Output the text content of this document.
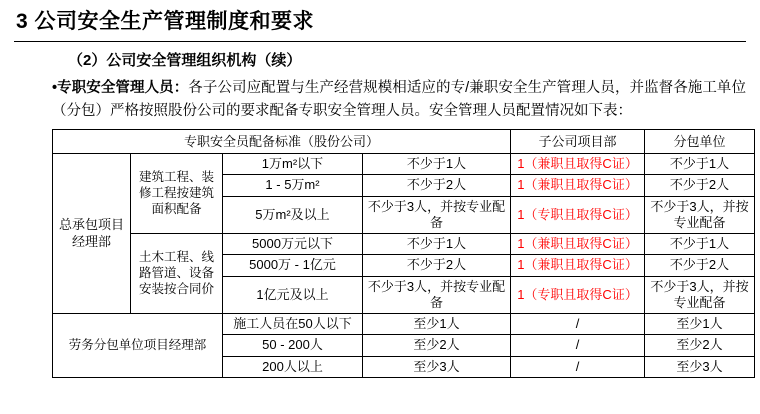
3 公司安全生产管理制度和要求
（2）公司安全管理组织机构（续）
•专职安全管理人员：各子公司应配置与生产经营规模相适应的专/兼职安全生产管理人员，并监督各施工单位（分包）严格按照股份公司的要求配备专职安全管理人员。安全管理人员配置情况如下表：
专职安全员配备标准（股份公司）				子公司项目部	分包单位
总承包项目经理部	建筑工程、装修工程按建筑面积配备	1万m²以下	不少于1人	1（兼职且取得C证）	不少于1人
		1 - 5万m²	不少于2人	1（兼职且取得C证）	不少于2人
		5万m²及以上	不少于3人，并按专业配备	1（专职且取得C证）	不少于3人，并按专业配备
	土木工程、线路管道、设备安装按合同价	5000万元以下	不少于1人	1（兼职且取得C证）	不少于1人
		5000万 - 1亿元	不少于2人	1（兼职且取得C证）	不少于2人
		1亿元及以上	不少于3人，并按专业配备	1（专职且取得C证）	不少于3人，并按专业配备
劳务分包单位项目经理部		施工人员在50人以下	至少1人	/	至少1人
		50 - 200人	至少2人	/	至少2人
		200人以上	至少3人	/	至少3人
